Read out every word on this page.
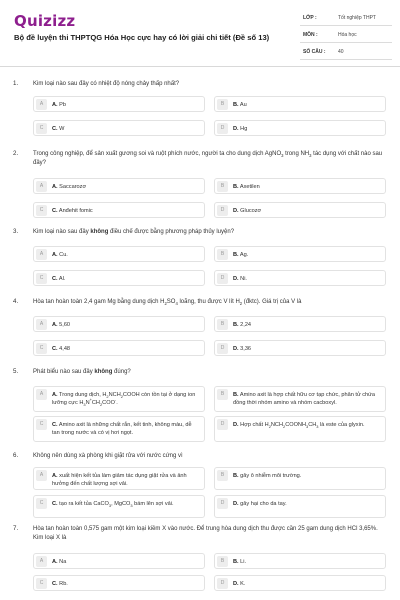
Quizizz
Bộ đề luyện thi THPTQG Hóa Học cực hay có lời giải chi tiết (Đề số 13)
LỚP :	Tốt nghiệp THPT
MÔN :	Hóa học
SỐ CÂU :	40
1. Kim loại nào sau đây có nhiệt độ nóng chảy thấp nhất?
A	A. Pb	B	B. Au
C	C. W	D	D. Hg
2. Trong công nghiệp, để sản xuất gương soi và ruột phích nước, người ta cho dung dịch AgNO$_3$ trong $NH_3$ tác dụng với chất nào sau đây?
A	A. Saccarozơ	B	B. Axetilen
C	C. Anđehit fomic	D	D. Glucozơ
3. Kim loại nào sau đây không điều chế được bằng phương pháp thủy luyện?
A	A. Cu.	B	B. Ag.
C	C. Al.	D	D. Ni.
4. Hòa tan hoàn toàn 2,4 gam Mg bằng dung dịch $H_2SO_4$ loãng, thu được V lít $H_2$ (đktc). Giá trị của V là
A	A. 5,60	B	B. 2,24
C	C. 4,48	D	D. 3,36
5. Phát biểu nào sau đây không đúng?
A	A. Trong dung dịch, $H_2NCH_2COOH$ còn tồn tại ở dạng ion lưỡng cực $H_3N^+CH_2COO^-$.
B	B. Amino axit là hợp chất hữu cơ tạp chức, phân tử chứa đồng thời nhóm amino và nhóm cacboxyl.
C	C. Amino axit là những chất rắn, kết tinh, không màu, dễ tan trong nước và có vị hơi ngọt.
D	D. Hợp chất $H_2NCH_2COONH_3CH_3$ là este của glyxin.
6. Không nên dùng xà phòng khi giặt rửa với nước cứng vì
A	A. xuất hiện kết tủa làm giảm tác dụng giặt rửa và ảnh hưởng đến chất lượng sợi vải.
B	B. gây ô nhiễm môi trường.
C	C. tạo ra kết tủa CaCO$_3$, MgCO$_3$ bám lên sợi vải.	D	D. gây hại cho da tay.
7. Hòa tan hoàn toàn 0,575 gam một kim loại kiềm X vào nước. Để trung hòa dung dịch thu được cần 25 gam dung dịch HCl 3,65%. Kim loại X là
A	A. Na	B	B. Li.
C	C. Rb.	D	D. K.
